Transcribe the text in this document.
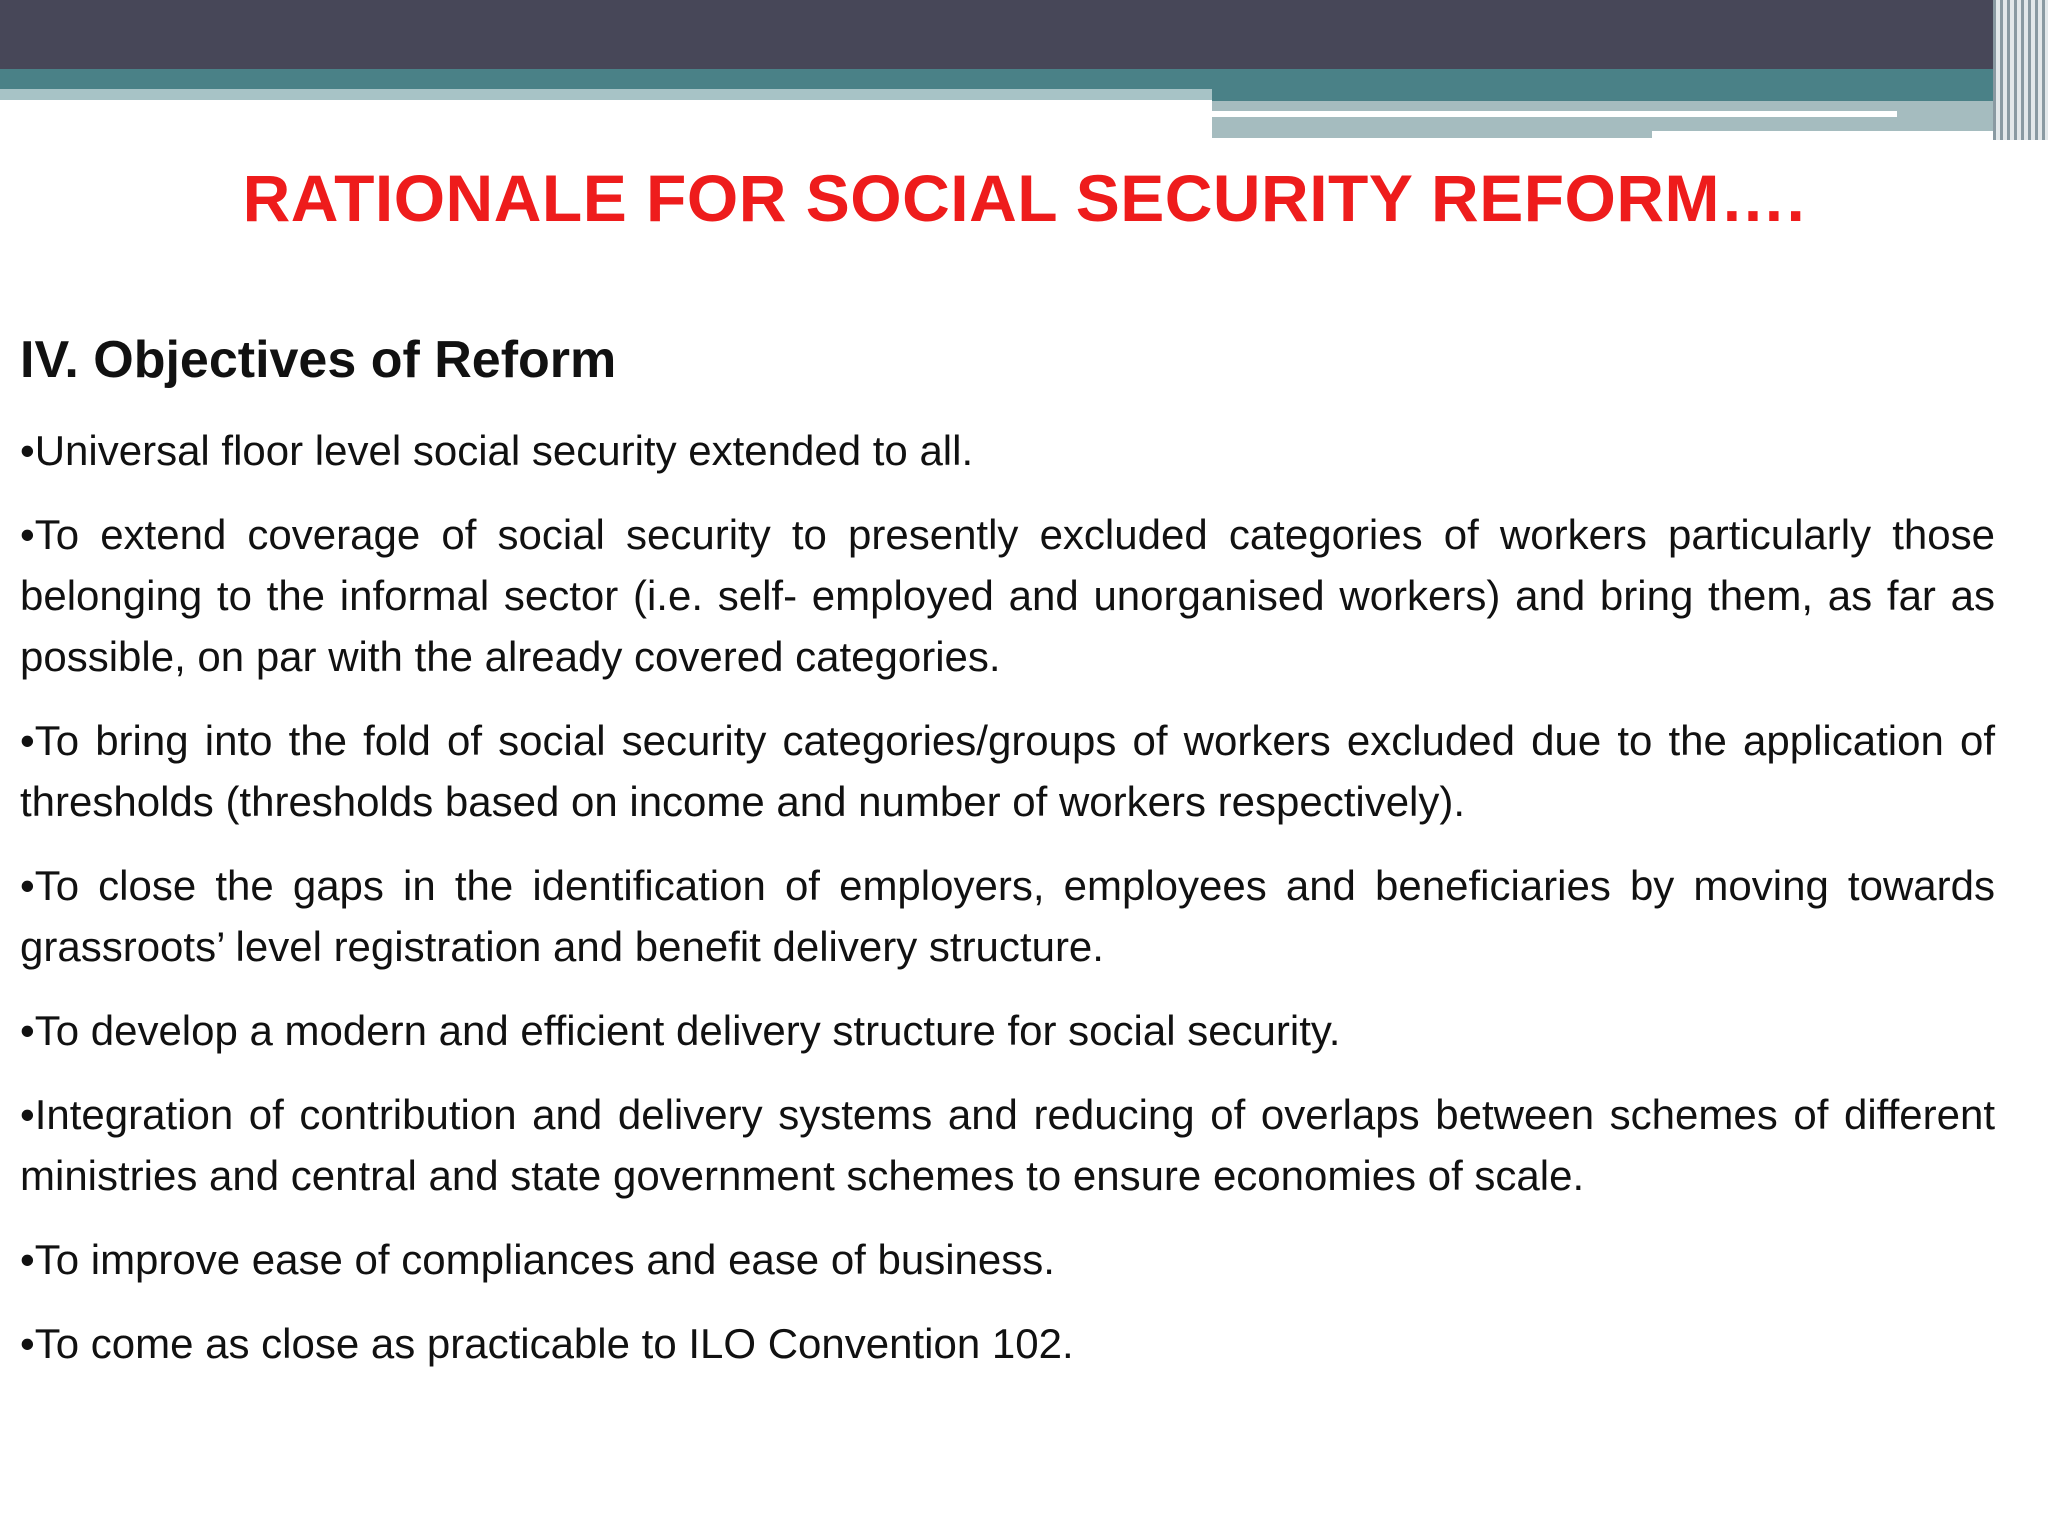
RATIONALE FOR SOCIAL SECURITY REFORM….
IV. Objectives of Reform
•Universal floor level social security extended to all.
•To extend coverage of social security to presently excluded categories of workers particularly those belonging to the informal sector (i.e. self- employed and unorganised workers) and bring them, as far as possible, on par with the already covered categories.
•To bring into the fold of social security categories/groups of workers excluded due to the application of thresholds (thresholds based on income and number of workers respectively).
•To close the gaps in the identification of employers, employees and beneficiaries by moving towards grassroots’ level registration and benefit delivery structure.
•To develop a modern and efficient delivery structure for social security.
•Integration of contribution and delivery systems and reducing of overlaps between schemes of different ministries and central and state government schemes to ensure economies of scale.
•To improve ease of compliances and ease of business.
•To come as close as practicable to ILO Convention 102.
